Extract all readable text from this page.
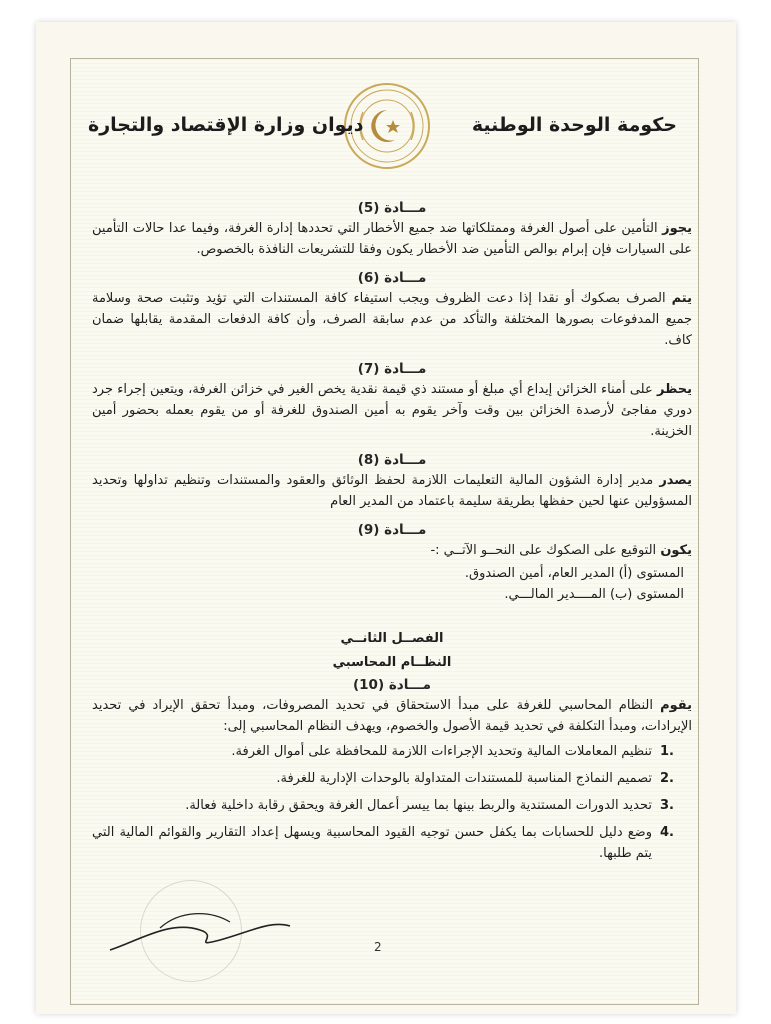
حكومة الوحدة الوطنية
ديوان وزارة الإقتصاد والتجارة

مـــادة (5)

يجوز التأمين على أصول الغرفة وممتلكاتها ضد جميع الأخطار التي تحددها إدارة الغرفة، وفيما عدا حالات التأمين على السيارات فإن إبرام بوالص التأمين ضد الأخطار يكون وفقا للتشريعات النافذة بالخصوص.

مـــادة (6)

يتم الصرف بصكوك أو نقدا إذا دعت الظروف ويجب استيفاء كافة المستندات التي تؤيد وتثبت صحة وسلامة جميع المدفوعات بصورها المختلفة والتأكد من عدم سابقة الصرف، وأن كافة الدفعات المقدمة يقابلها ضمان كاف.

مـــادة (7)

يحظر على أمناء الخزائن إيداع أي مبلغ أو مستند ذي قيمة نقدية يخص الغير في خزائن الغرفة، ويتعين إجراء جرد دوري مفاجئ لأرصدة الخزائن بين وقت وآخر يقوم به أمين الصندوق للغرفة أو من يقوم بعمله بحضور أمين الخزينة.

مـــادة (8)

يصدر مدير إدارة الشؤون المالية التعليمات اللازمة لحفظ الوثائق والعقود والمستندات وتنظيم تداولها وتحديد المسؤولين عنها لحين حفظها بطريقة سليمة باعتماد من المدير العام

مـــادة (9)

يكون التوقيع على الصكوك على النحــو الآتــي :-

المستوى (أ) المدير العام، أمين الصندوق.

المستوى (ب) المــــدير المالـــي.

الفصــل الثانــي

النظــام المحاسبي

مـــادة (10)

يقوم النظام المحاسبي للغرفة على مبدأ الاستحقاق في تحديد المصروفات، ومبدأ تحقق الإيراد في تحديد الإيرادات، ومبدأ التكلفة في تحديد قيمة الأصول والخصوم، ويهدف النظام المحاسبي إلى:

1.
تنظيم المعاملات المالية وتحديد الإجراءات اللازمة للمحافظة على أموال الغرفة.
2.
تصميم النماذج المناسبة للمستندات المتداولة بالوحدات الإدارية للغرفة.
3.
تحديد الدورات المستندية والربط بينها بما ييسر أعمال الغرفة ويحقق رقابة داخلية فعالة.
4.
وضع دليل للحسابات بما يكفل حسن توجيه القيود المحاسبية ويسهل إعداد التقارير والقوائم المالية التي يتم طلبها.
2
